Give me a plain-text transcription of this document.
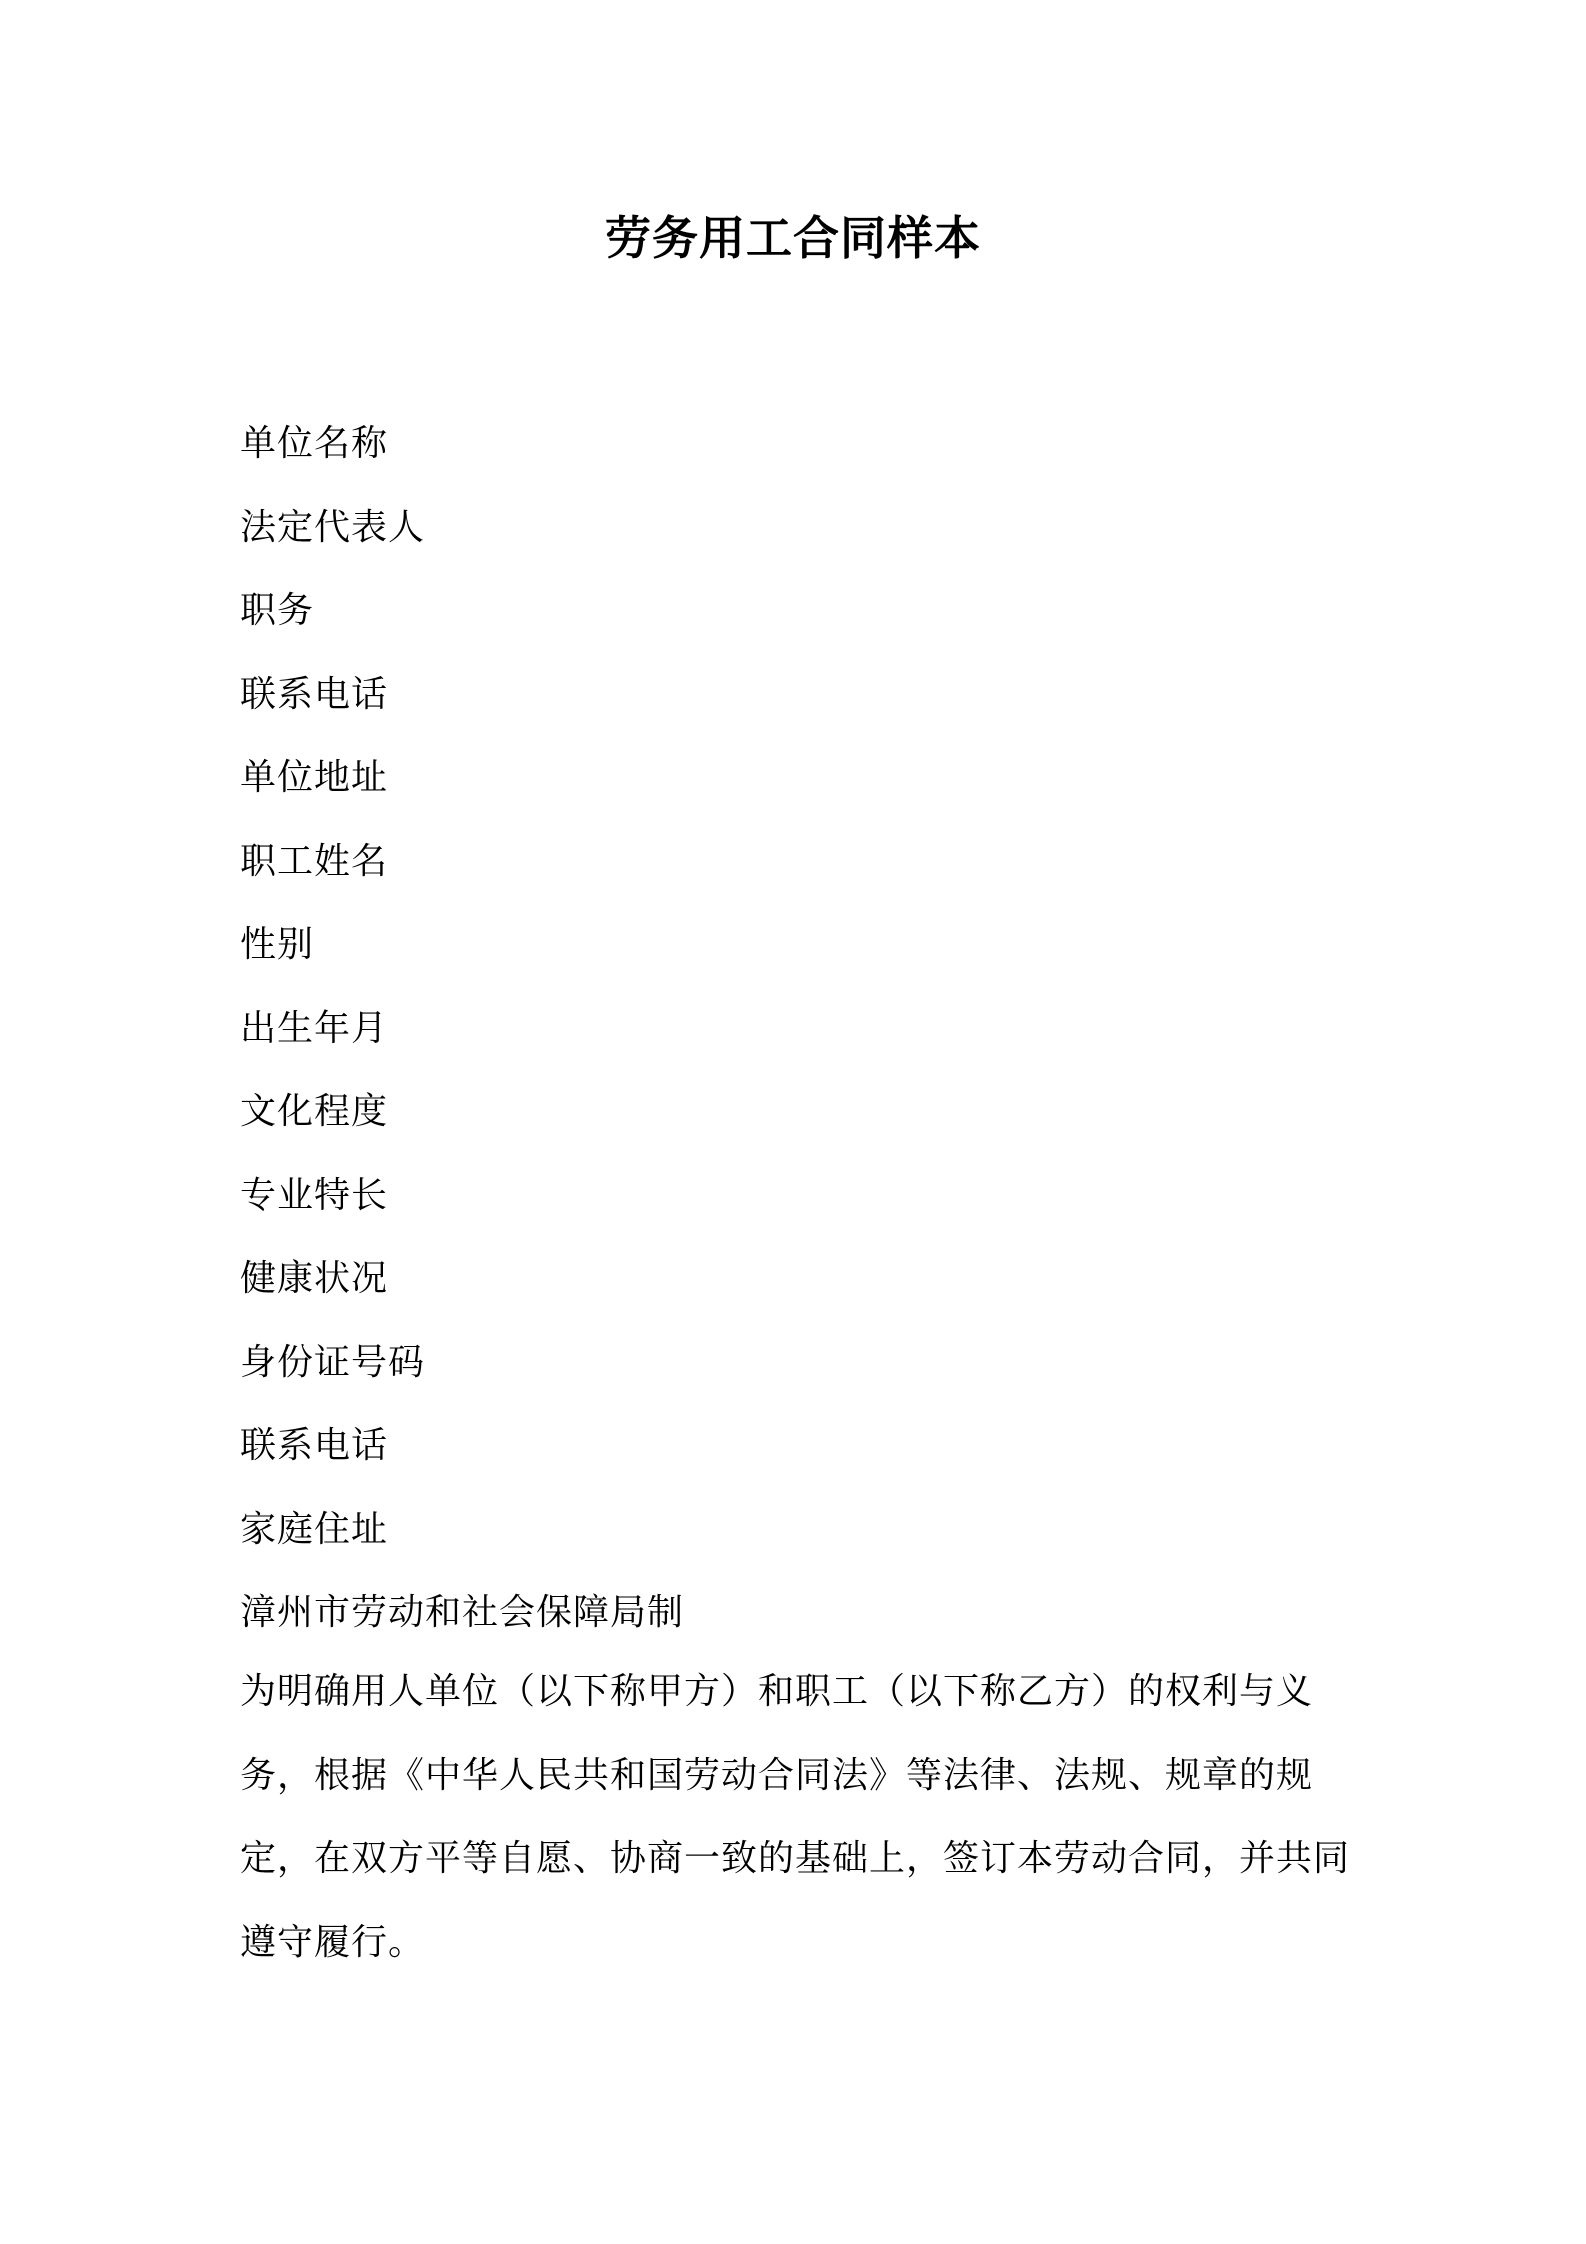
劳务用工合同样本
单位名称
法定代表人
职务
联系电话
单位地址
职工姓名
性别
出生年月
文化程度
专业特长
健康状况
身份证号码
联系电话
家庭住址
漳州市劳动和社会保障局制

为明确用人单位（以下称甲方）和职工（以下称乙方）的权利与义务，根据《中华人民共和国劳动合同法》等法律、法规、规章的规定，在双方平等自愿、协商一致的基础上，签订本劳动合同，并共同遵守履行。
